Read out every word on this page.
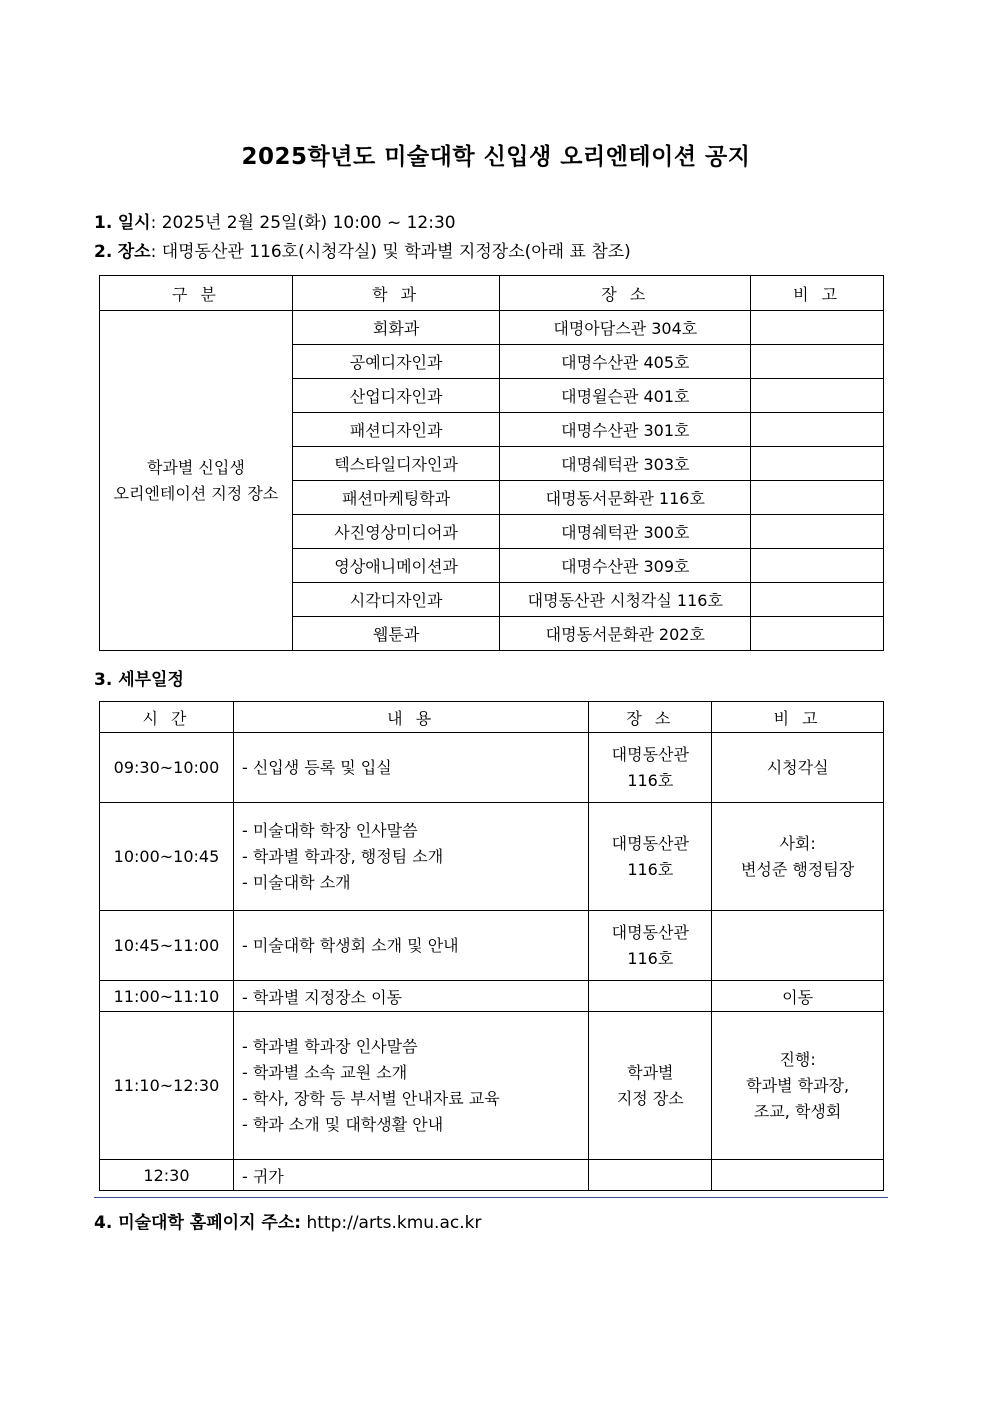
2025학년도 미술대학 신입생 오리엔테이션 공지
1. 일시: 2025년 2월 25일(화) 10:00 ~ 12:30
2. 장소: 대명동산관 116호(시청각실) 및 학과별 지정장소(아래 표 참조)
구 분	학 과	장 소	비 고

학과별 신입생
오리엔테이션 지정 장소	회화과	대명아담스관 304호	
	공예디자인과	대명수산관 405호	
	산업디자인과	대명윌슨관 401호	
	패션디자인과	대명수산관 301호	
	텍스타일디자인과	대명쉐턱관 303호	
	패션마케팅학과	대명동서문화관 116호	
	사진영상미디어과	대명쉐턱관 300호	
	영상애니메이션과	대명수산관 309호	
	시각디자인과	대명동산관 시청각실 116호	
	웹툰과	대명동서문화관 202호	
3. 세부일정
시 간	내 용	장 소	비 고
09:30~10:00	- 신입생 등록 및 입실	대명동산관
116호	시청각실

10:00~10:45	- 미술대학 학장 인사말씀
- 학과별 학과장, 행정팀 소개
- 미술대학 소개	대명동산관
116호	사회:
변성준 행정팀장

10:45~11:00	- 미술대학 학생회 소개 및 안내	대명동산관
116호	

11:00~11:10	- 학과별 지정장소 이동		이동
11:10~12:30	- 학과별 학과장 인사말씀
- 학과별 소속 교원 소개
- 학사, 장학 등 부서별 안내자료 교육
- 학과 소개 및 대학생활 안내	학과별
지정 장소	진행:
학과별 학과장,
조교, 학생회

12:30	- 귀가		
4. 미술대학 홈페이지 주소: http://arts.kmu.ac.kr
